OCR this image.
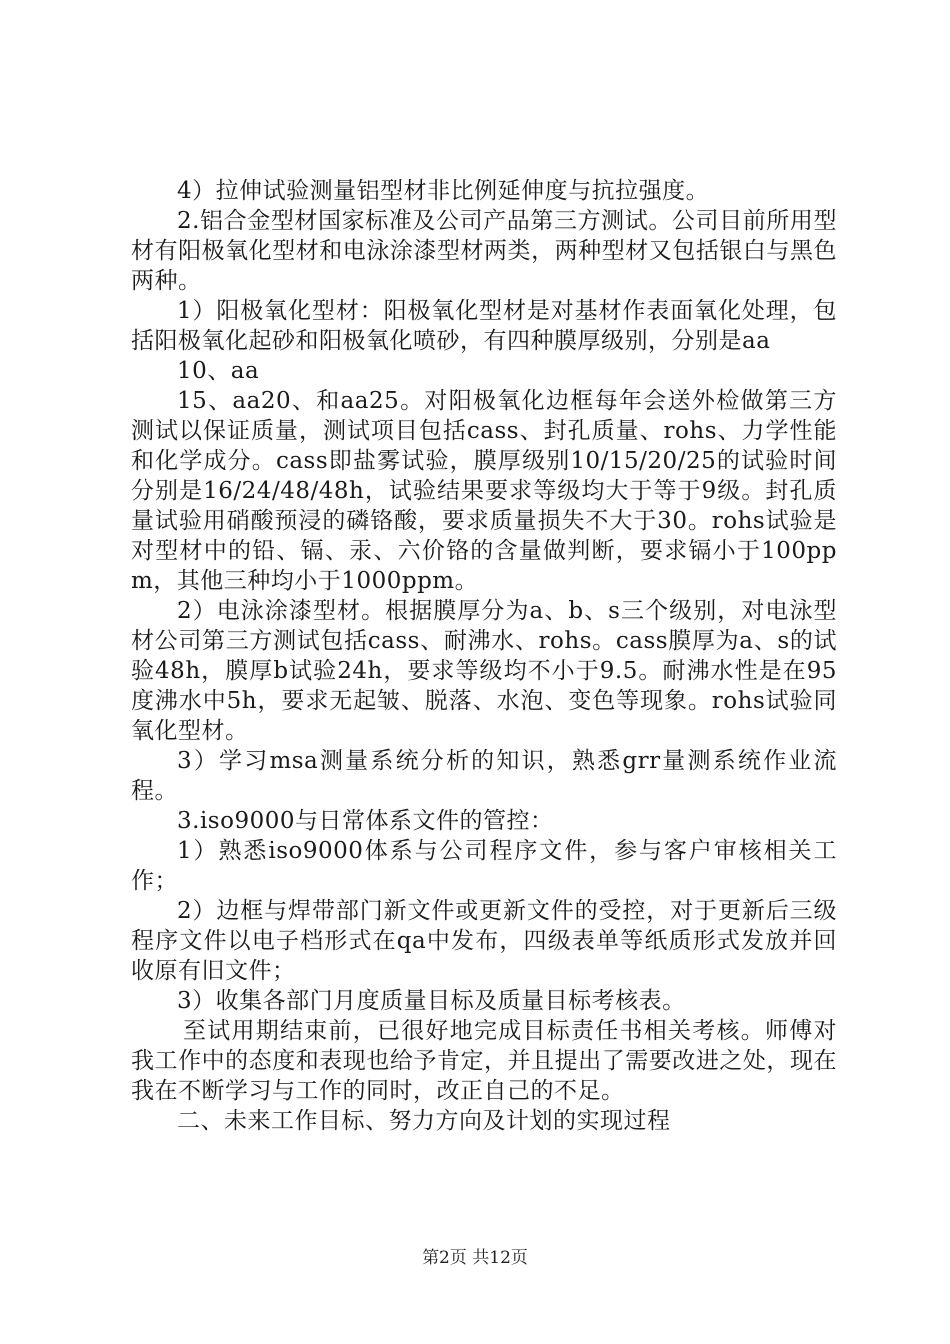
4）拉伸试验测量铝型材非比例延伸度与抗拉强度。

2.铝合金型材国家标准及公司产品第三方测试。公司目前所用型材有阳极氧化型材和电泳涂漆型材两类，两种型材又包括银白与黑色两种。

1）阳极氧化型材：阳极氧化型材是对基材作表面氧化处理，包括阳极氧化起砂和阳极氧化喷砂，有四种膜厚级别，分别是aa

10、aa

15、aa20、和aa25。对阳极氧化边框每年会送外检做第三方测试以保证质量，测试项目包括cass、封孔质量、rohs、力学性能和化学成分。cass即盐雾试验，膜厚级别10/15/20/25的试验时间分别是16/24/48/48h，试验结果要求等级均大于等于9级。封孔质量试验用硝酸预浸的磷铬酸，要求质量损失不大于30。rohs试验是对型材中的铅、镉、汞、六价铬的含量做判断，要求镉小于100ppm，其他三种均小于1000ppm。

2）电泳涂漆型材。根据膜厚分为a、b、s三个级别，对电泳型材公司第三方测试包括cass、耐沸水、rohs。cass膜厚为a、s的试验48h，膜厚b试验24h，要求等级均不小于9.5。耐沸水性是在95度沸水中5h，要求无起皱、脱落、水泡、变色等现象。rohs试验同氧化型材。

3）学习msa测量系统分析的知识，熟悉grr量测系统作业流程。

3.iso9000与日常体系文件的管控：

1）熟悉iso9000体系与公司程序文件，参与客户审核相关工作；

2）边框与焊带部门新文件或更新文件的受控，对于更新后三级程序文件以电子档形式在qa中发布，四级表单等纸质形式发放并回收原有旧文件；

3）收集各部门月度质量目标及质量目标考核表。

至试用期结束前，已很好地完成目标责任书相关考核。师傅对我工作中的态度和表现也给予肯定，并且提出了需要改进之处，现在我在不断学习与工作的同时，改正自己的不足。

二、未来工作目标、努力方向及计划的实现过程

第2页 共12页
